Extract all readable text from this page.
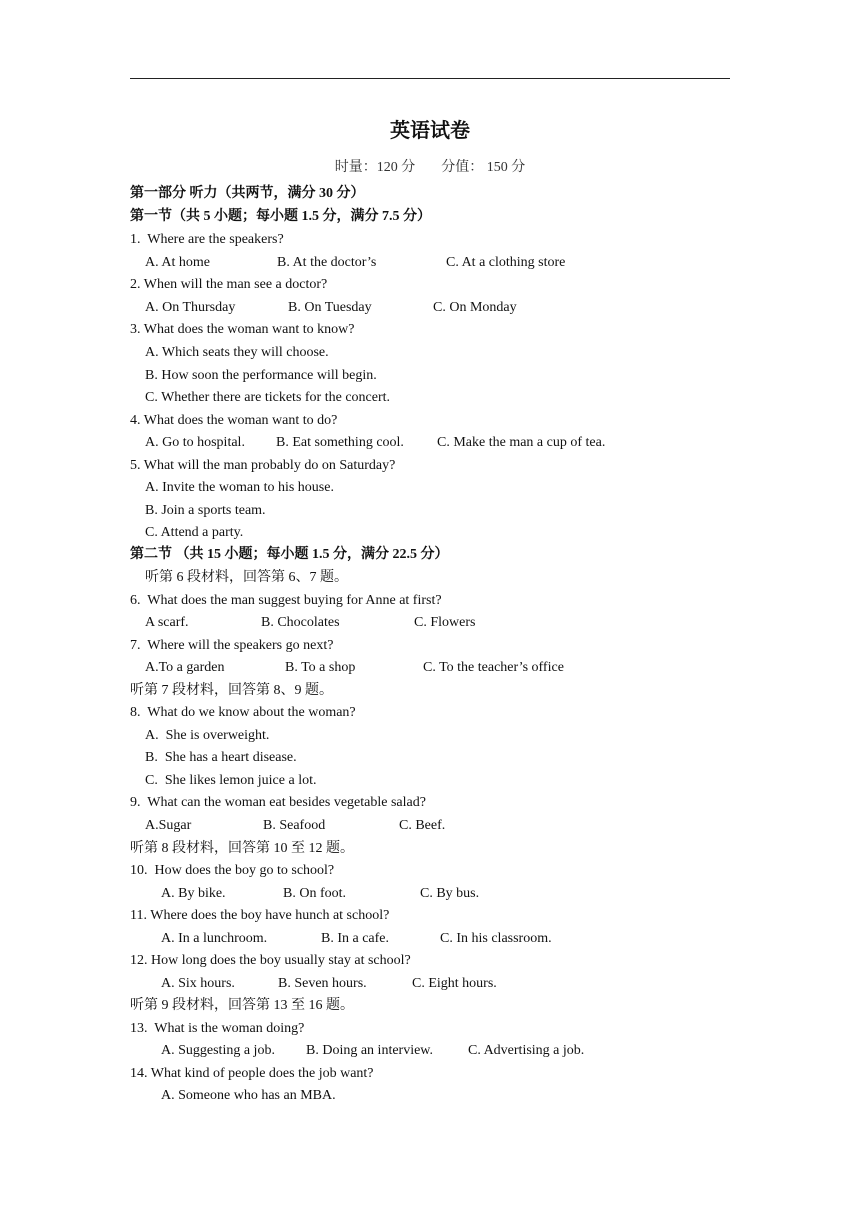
英语试卷
时量：120 分 分值： 150 分
第一部分 听力（共两节，满分 30 分）
第一节（共 5 小题；每小题 1.5 分，满分 7.5 分）
1.  Where are the speakers?
A. At home	B. At the doctor’s	C. At a clothing store
2. When will the man see a doctor?
A. On Thursday	B. On Tuesday	C. On Monday
3. What does the woman want to know?
A. Which seats they will choose.
B. How soon the performance will begin.
C. Whether there are tickets for the concert.
4. What does the woman want to do?
A. Go to hospital. B. Eat something cool. C. Make the man a cup of tea.
5. What will the man probably do on Saturday?
A. Invite the woman to his house.
B. Join a sports team.
C. Attend a party.
第二节 （共 15 小题；每小题 1.5 分，满分 22.5 分）
听第 6 段材料，回答第 6、7 题。
6.  What does the man suggest buying for Anne at first?
A scarf.	B. Chocolates	C. Flowers
7.  Where will the speakers go next?
A.To a garden	B. To a shop	C. To the teacher’s office
听第 7 段材料，回答第 8、9 题。
8.  What do we know about the woman?
A.  She is overweight.
B.  She has a heart disease.
C.  She likes lemon juice a lot.
9.  What can the woman eat besides vegetable salad?
A.Sugar	B. Seafood	C. Beef.
听第 8 段材料，回答第 10 至 12 题。
10.  How does the boy go to school?
A. By bike.	B. On foot.	C. By bus.
11. Where does the boy have hunch at school?
A. In a lunchroom.	B. In a cafe.	C. In his classroom.
12. How long does the boy usually stay at school?
A. Six hours.	B. Seven hours.	C. Eight hours.
听第 9 段材料，回答第 13 至 16 题。
13.  What is the woman doing?
A. Suggesting a job. B. Doing an interview. C. Advertising a job.
14. What kind of people does the job want?
A. Someone who has an MBA.
